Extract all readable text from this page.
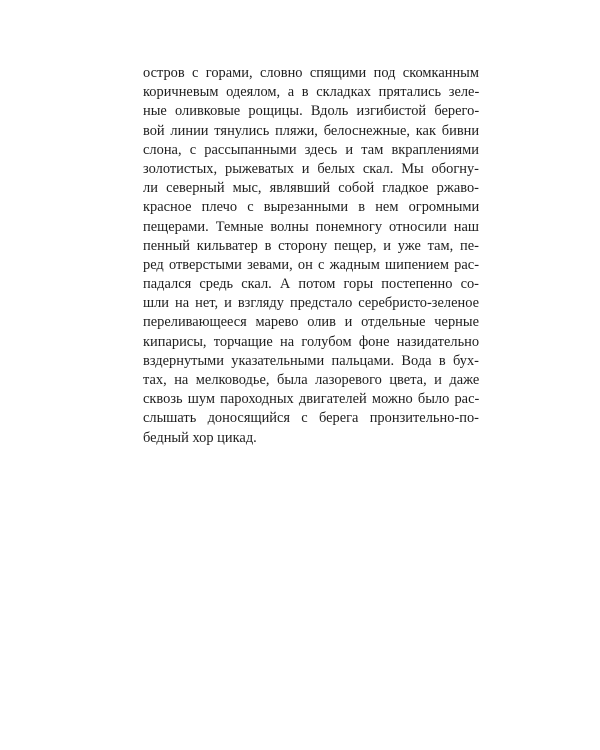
остров с горами, словно спящими под скомканным
коричневым одеялом, а в складках прятались зеле-
ные оливковые рощицы. Вдоль изгибистой берего-
вой линии тянулись пляжи, белоснежные, как бивни
слона, с рассыпанными здесь и там вкраплениями
золотистых, рыжеватых и белых скал. Мы обогну-
ли северный мыс, являвший собой гладкое ржаво-
красное плечо с вырезанными в нем огромными
пещерами. Темные волны понемногу относили наш
пенный кильватер в сторону пещер, и уже там, пе-
ред отверстыми зевами, он с жадным шипением рас-
падался средь скал. А потом горы постепенно со-
шли на нет, и взгляду предстало серебристо-зеленое
переливающееся марево олив и отдельные черные
кипарисы, торчащие на голубом фоне назидательно
вздернутыми указательными пальцами. Вода в бух-
тах, на мелководье, была лазоревого цвета, и даже
сквозь шум пароходных двигателей можно было рас-
слышать доносящийся с берега пронзительно-по-
бедный хор цикад.
